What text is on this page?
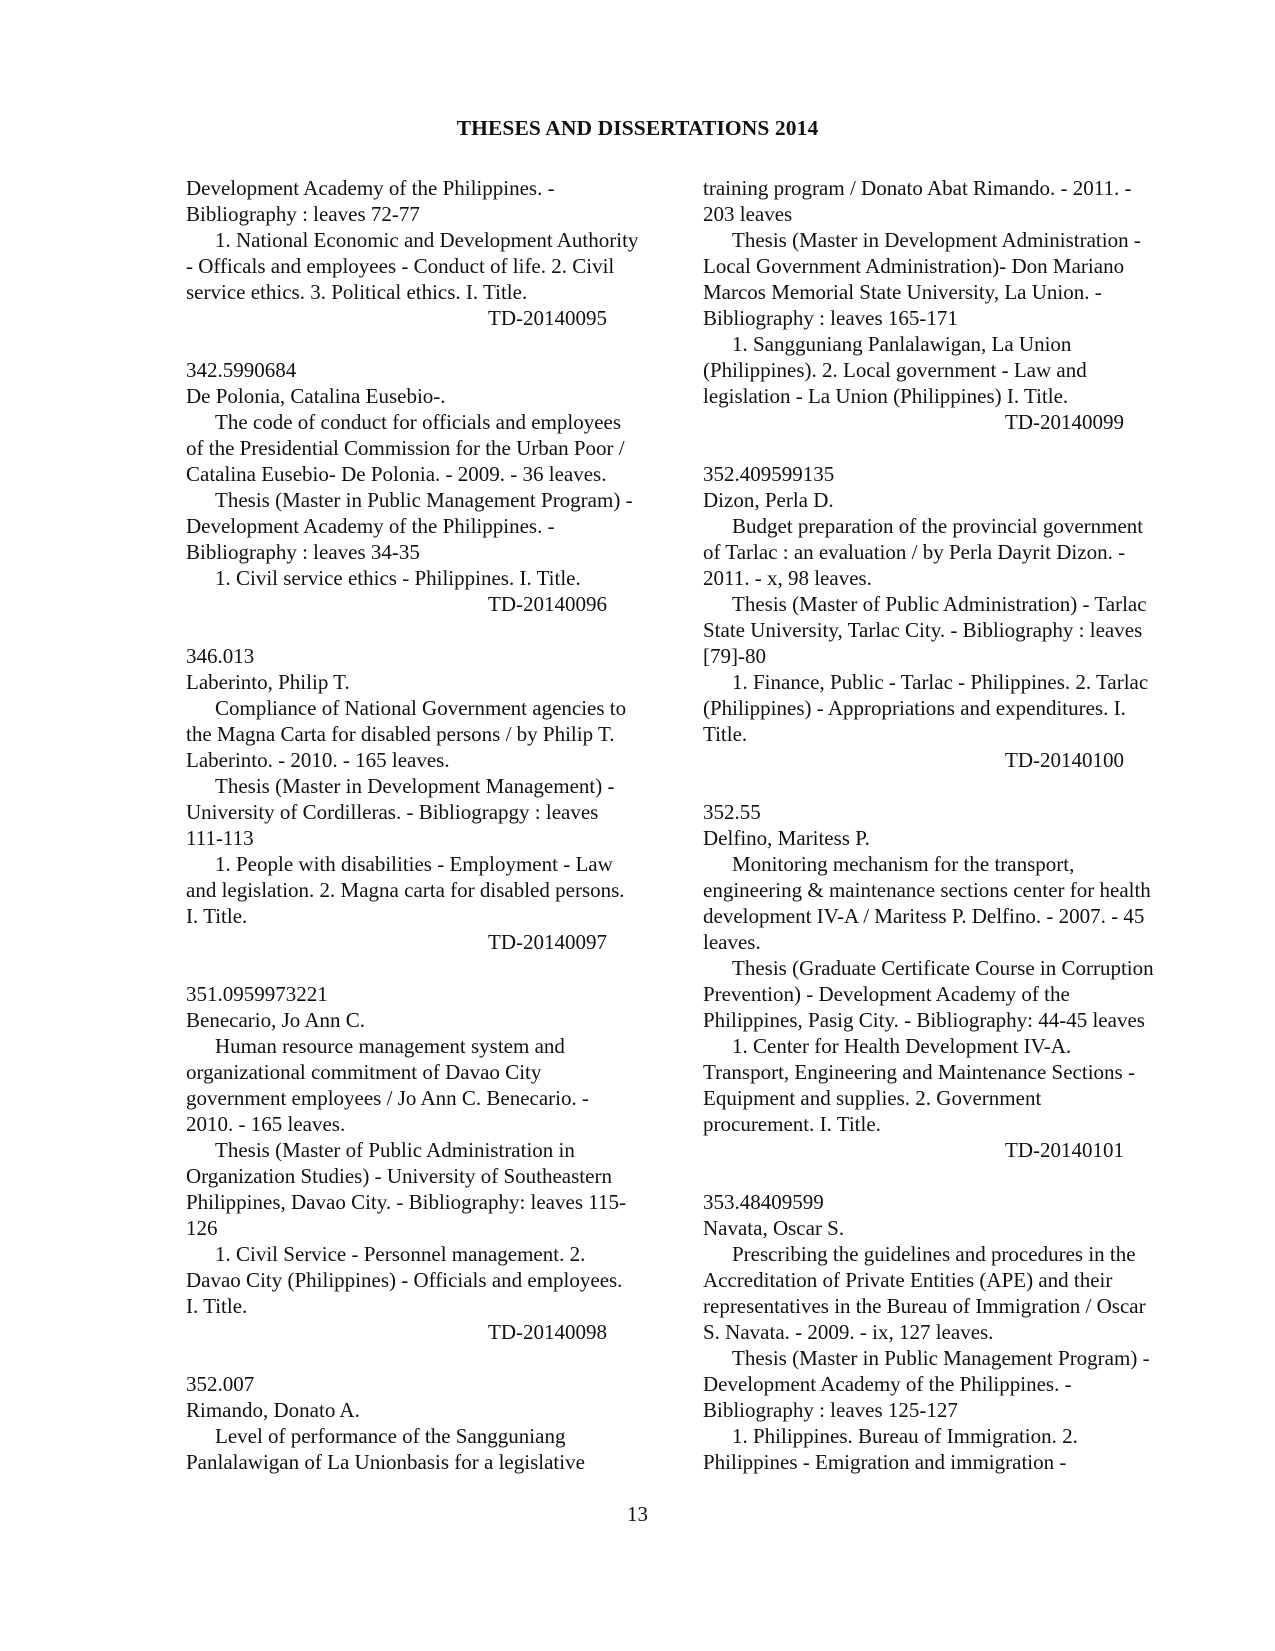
THESES AND DISSERTATIONS 2014
Development Academy of the Philippines. -
Bibliography : leaves 72-77
1. National Economic and Development Authority
- Officals and employees - Conduct of life. 2. Civil
service ethics. 3. Political ethics. I. Title.
TD-20140095
342.5990684
De Polonia, Catalina Eusebio-.
The code of conduct for officials and employees
of the Presidential Commission for the Urban Poor /
Catalina Eusebio- De Polonia. - 2009. - 36 leaves.
Thesis (Master in Public Management Program) -
Development Academy of the Philippines. -
Bibliography : leaves 34-35
1. Civil service ethics - Philippines. I. Title.
TD-20140096
346.013
Laberinto, Philip T.
Compliance of National Government agencies to
the Magna Carta for disabled persons / by Philip T.
Laberinto. - 2010. - 165 leaves.
Thesis (Master in Development Management) -
University of Cordilleras. - Bibliograpgy : leaves
111-113
1. People with disabilities - Employment - Law
and legislation. 2. Magna carta for disabled persons.
I. Title.
TD-20140097
351.0959973221
Benecario, Jo Ann C.
Human resource management system and
organizational commitment of Davao City
government employees / Jo Ann C. Benecario. -
2010. - 165 leaves.
Thesis (Master of Public Administration in
Organization Studies) - University of Southeastern
Philippines, Davao City. - Bibliography: leaves 115-
126
1. Civil Service - Personnel management. 2.
Davao City (Philippines) - Officials and employees.
I. Title.
TD-20140098
352.007
Rimando, Donato A.
Level of performance of the Sangguniang
Panlalawigan of La Unionbasis for a legislative
training program / Donato Abat Rimando. - 2011. -
203 leaves
Thesis (Master in Development Administration -
Local Government Administration)- Don Mariano
Marcos Memorial State University, La Union. -
Bibliography : leaves 165-171
1. Sangguniang Panlalawigan, La Union
(Philippines). 2. Local government - Law and
legislation - La Union (Philippines) I. Title.
TD-20140099
352.409599135
Dizon, Perla D.
Budget preparation of the provincial government
of Tarlac : an evaluation / by Perla Dayrit Dizon. -
2011. - x, 98 leaves.
Thesis (Master of Public Administration) - Tarlac
State University, Tarlac City. - Bibliography : leaves
[79]-80
1. Finance, Public - Tarlac - Philippines. 2. Tarlac
(Philippines) - Appropriations and expenditures. I.
Title.
TD-20140100
352.55
Delfino, Maritess P.
Monitoring mechanism for the transport,
engineering & maintenance sections center for health
development IV-A / Maritess P. Delfino. - 2007. - 45
leaves.
Thesis (Graduate Certificate Course in Corruption
Prevention) - Development Academy of the
Philippines, Pasig City. - Bibliography: 44-45 leaves
1. Center for Health Development IV-A.
Transport, Engineering and Maintenance Sections -
Equipment and supplies. 2. Government
procurement. I. Title.
TD-20140101
353.48409599
Navata, Oscar S.
Prescribing the guidelines and procedures in the
Accreditation of Private Entities (APE) and their
representatives in the Bureau of Immigration / Oscar
S. Navata. - 2009. - ix, 127 leaves.
Thesis (Master in Public Management Program) -
Development Academy of the Philippines. -
Bibliography : leaves 125-127
1. Philippines. Bureau of Immigration. 2.
Philippines - Emigration and immigration -
13
